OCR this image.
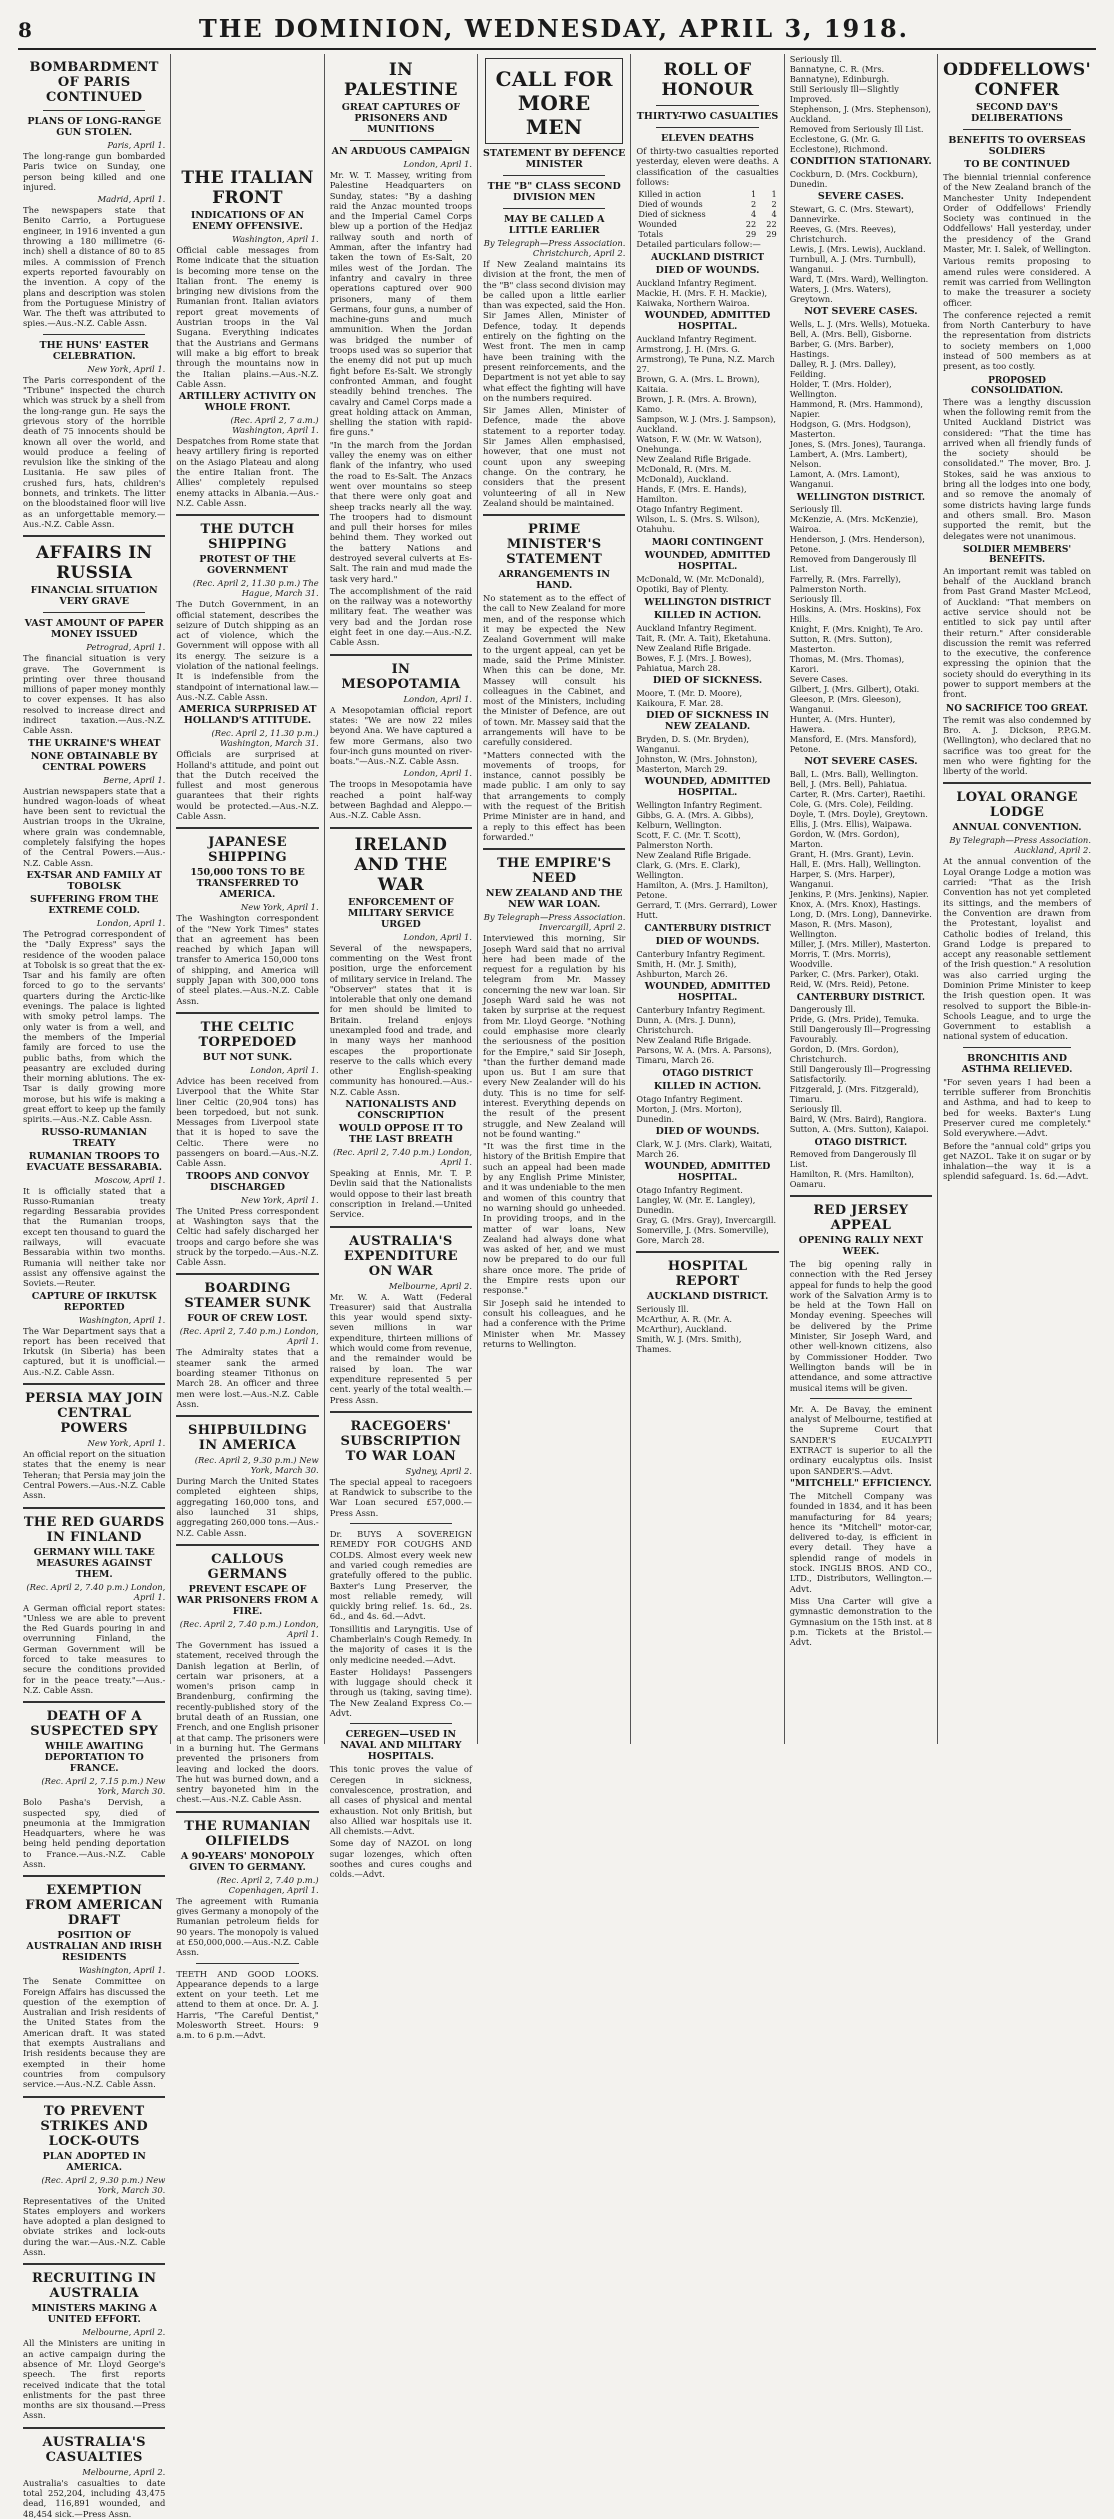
8	THE DOMINION, WEDNESDAY, APRIL 3, 1918.
BOMBARDMENT OF PARIS CONTINUED
PLANS OF LONG-RANGE GUN STOLEN.
Paris, April 1.

The long-range gun bombarded Paris twice on Sunday, one person being killed and one injured.

Madrid, April 1.

The newspapers state that Benito Carrio, a Portuguese engineer, in 1916 invented a gun throwing a 180 millimetre (6-inch) shell a distance of 80 to 85 miles. A commission of French experts reported favourably on the invention. A copy of the plans and description was stolen from the Portuguese Ministry of War. The theft was attributed to spies.—Aus.-N.Z. Cable Assn.

THE HUNS' EASTER CELEBRATION.
New York, April 1.

The Paris correspondent of the "Tribune" inspected the church which was struck by a shell from the long-range gun. He says the grievous story of the horrible death of 75 innocents should be known all over the world, and would produce a feeling of revulsion like the sinking of the Lusitania. He saw piles of crushed furs, hats, children's bonnets, and trinkets. The litter on the bloodstained floor will live as an unforgettable memory.—Aus.-N.Z. Cable Assn.

AFFAIRS IN RUSSIA
FINANCIAL SITUATION VERY GRAVE
VAST AMOUNT OF PAPER MONEY ISSUED
Petrograd, April 1.

The financial situation is very grave. The Government is printing over three thousand millions of paper money monthly to cover expenses. It has also resolved to increase direct and indirect taxation.—Aus.-N.Z. Cable Assn.

THE UKRAINE'S WHEAT
NONE OBTAINABLE BY CENTRAL POWERS
Berne, April 1.

Austrian newspapers state that a hundred wagon-loads of wheat have been sent to revictual the Austrian troops in the Ukraine, where grain was condemnable, completely falsifying the hopes of the Central Powers.—Aus.-N.Z. Cable Assn.

EX-TSAR AND FAMILY AT TOBOLSK
SUFFERING FROM THE EXTREME COLD.
London, April 1.

The Petrograd correspondent of the "Daily Express" says the residence of the wooden palace at Tobolsk is so great that the ex-Tsar and his family are often forced to go to the servants' quarters during the Arctic-like evenings. The palace is lighted with smoky petrol lamps. The only water is from a well, and the members of the Imperial family are forced to use the public baths, from which the peasantry are excluded during their morning ablutions. The ex-Tsar is daily growing more morose, but his wife is making a great effort to keep up the family spirits.—Aus.-N.Z. Cable Assn.

RUSSO-RUMANIAN TREATY
RUMANIAN TROOPS TO EVACUATE BESSARABIA.
Moscow, April 1.

It is officially stated that a Russo-Rumanian treaty regarding Bessarabia provides that the Rumanian troops, except ten thousand to guard the railways, will evacuate Bessarabia within two months. Rumania will neither take nor assist any offensive against the Soviets.—Reuter.

CAPTURE OF IRKUTSK REPORTED
Washington, April 1.

The War Department says that a report has been received that Irkutsk (in Siberia) has been captured, but it is unofficial.—Aus.-N.Z. Cable Assn.

PERSIA MAY JOIN CENTRAL POWERS
New York, April 1.

An official report on the situation states that the enemy is near Teheran; that Persia may join the Central Powers.—Aus.-N.Z. Cable Assn.

THE RED GUARDS IN FINLAND
GERMANY WILL TAKE MEASURES AGAINST THEM.
(Rec. April 2, 7.40 p.m.) London, April 1.

A German official report states: "Unless we are able to prevent the Red Guards pouring in and overrunning Finland, the German Government will be forced to take measures to secure the conditions provided for in the peace treaty."—Aus.-N.Z. Cable Assn.

DEATH OF A SUSPECTED SPY
WHILE AWAITING DEPORTATION TO FRANCE.
(Rec. April 2, 7.15 p.m.) New York, March 30.

Bolo Pasha's Dervish, a suspected spy, died of pneumonia at the Immigration Headquarters, where he was being held pending deportation to France.—Aus.-N.Z. Cable Assn.

EXEMPTION FROM AMERICAN DRAFT
POSITION OF AUSTRALIAN AND IRISH RESIDENTS
Washington, April 1.

The Senate Committee on Foreign Affairs has discussed the question of the exemption of Australian and Irish residents of the United States from the American draft. It was stated that exempts Australians and Irish residents because they are exempted in their home countries from compulsory service.—Aus.-N.Z. Cable Assn.

TO PREVENT STRIKES AND LOCK-OUTS
PLAN ADOPTED IN AMERICA.
(Rec. April 2, 9.30 p.m.) New York, March 30.

Representatives of the United States employers and workers have adopted a plan designed to obviate strikes and lock-outs during the war.—Aus.-N.Z. Cable Assn.

RECRUITING IN AUSTRALIA
MINISTERS MAKING A UNITED EFFORT.
Melbourne, April 2.

All the Ministers are uniting in an active campaign during the absence of Mr. Lloyd George's speech. The first reports received indicate that the total enlistments for the past three months are six thousand.—Press Assn.

AUSTRALIA'S CASUALTIES
Melbourne, April 2.

Australia's casualties to date total 252,204, including 43,475 dead, 116,891 wounded, and 48,454 sick.—Press Assn.

THE ITALIAN FRONT
INDICATIONS OF AN ENEMY OFFENSIVE.
Washington, April 1.

Official cable messages from Rome indicate that the situation is becoming more tense on the Italian front. The enemy is bringing new divisions from the Rumanian front. Italian aviators report great movements of Austrian troops in the Val Sugana. Everything indicates that the Austrians and Germans will make a big effort to break through the mountains now in the Italian plains.—Aus.-N.Z. Cable Assn.

ARTILLERY ACTIVITY ON WHOLE FRONT.
(Rec. April 2, 7 a.m.) Washington, April 1.

Despatches from Rome state that heavy artillery firing is reported on the Asiago Plateau and along the entire Italian front. The Allies' completely repulsed enemy attacks in Albania.—Aus.-N.Z. Cable Assn.

THE DUTCH SHIPPING
PROTEST OF THE GOVERNMENT
(Rec. April 2, 11.30 p.m.) The Hague, March 31.

The Dutch Government, in an official statement, describes the seizure of Dutch shipping as an act of violence, which the Government will oppose with all its energy. The seizure is a violation of the national feelings. It is indefensible from the standpoint of international law.—Aus.-N.Z. Cable Assn.

AMERICA SURPRISED AT HOLLAND'S ATTITUDE.
(Rec. April 2, 11.30 p.m.) Washington, March 31.

Officials are surprised at Holland's attitude, and point out that the Dutch received the fullest and most generous guarantees that their rights would be protected.—Aus.-N.Z. Cable Assn.

JAPANESE SHIPPING
150,000 TONS TO BE TRANSFERRED TO AMERICA.
New York, April 1.

The Washington correspondent of the "New York Times" states that an agreement has been reached by which Japan will transfer to America 150,000 tons of shipping, and America will supply Japan with 300,000 tons of steel plates.—Aus.-N.Z. Cable Assn.

THE CELTIC TORPEDOED
BUT NOT SUNK.
London, April 1.

Advice has been received from Liverpool that the White Star liner Celtic (20,904 tons) has been torpedoed, but not sunk. Messages from Liverpool state that it is hoped to save the Celtic. There were no passengers on board.—Aus.-N.Z. Cable Assn.

TROOPS AND CONVOY DISCHARGED
New York, April 1.

The United Press correspondent at Washington says that the Celtic had safely discharged her troops and cargo before she was struck by the torpedo.—Aus.-N.Z. Cable Assn.

BOARDING STEAMER SUNK
FOUR OF CREW LOST.
(Rec. April 2, 7.40 p.m.) London, April 1.

The Admiralty states that a steamer sank the armed boarding steamer Tithonus on March 28. An officer and three men were lost.—Aus.-N.Z. Cable Assn.

SHIPBUILDING IN AMERICA
(Rec. April 2, 9.30 p.m.) New York, March 30.

During March the United States completed eighteen ships, aggregating 160,000 tons, and also launched 31 ships, aggregating 260,000 tons.—Aus.-N.Z. Cable Assn.

CALLOUS GERMANS
PREVENT ESCAPE OF WAR PRISONERS FROM A FIRE.
(Rec. April 2, 7.40 p.m.) London, April 1.

The Government has issued a statement, received through the Danish legation at Berlin, of certain war prisoners, at a women's prison camp in Brandenburg, confirming the recently-published story of the brutal death of an Russian, one French, and one English prisoner at that camp. The prisoners were in a burning hut. The Germans prevented the prisoners from leaving and locked the doors. The hut was burned down, and a sentry bayoneted him in the chest.—Aus.-N.Z. Cable Assn.

THE RUMANIAN OILFIELDS
A 90-YEARS' MONOPOLY GIVEN TO GERMANY.
(Rec. April 2, 7.40 p.m.) Copenhagen, April 1.

The agreement with Rumania gives Germany a monopoly of the Rumanian petroleum fields for 90 years. The monopoly is valued at £50,000,000.—Aus.-N.Z. Cable Assn.

TEETH AND GOOD LOOKS. Appearance depends to a large extent on your teeth. Let me attend to them at once. Dr. A. J. Harris, "The Careful Dentist," Molesworth Street. Hours: 9 a.m. to 6 p.m.—Advt.

IN PALESTINE
GREAT CAPTURES OF PRISONERS AND MUNITIONS
AN ARDUOUS CAMPAIGN
London, April 1.

Mr. W. T. Massey, writing from Palestine Headquarters on Sunday, states: "By a dashing raid the Anzac mounted troops and the Imperial Camel Corps blew up a portion of the Hedjaz railway south and north of Amman, after the infantry had taken the town of Es-Salt, 20 miles west of the Jordan. The infantry and cavalry in three operations captured over 900 prisoners, many of them Germans, four guns, a number of machine-guns and much ammunition. When the Jordan was bridged the number of troops used was so superior that the enemy did not put up much fight before Es-Salt. We strongly confronted Amman, and fought steadily behind trenches. The cavalry and Camel Corps made a great holding attack on Amman, shelling the station with rapid-fire guns."

"In the march from the Jordan valley the enemy was on either flank of the infantry, who used the road to Es-Salt. The Anzacs went over mountains so steep that there were only goat and sheep tracks nearly all the way. The troopers had to dismount and pull their horses for miles behind them. They worked out the battery Nations and destroyed several culverts at Es-Salt. The rain and mud made the task very hard."

The accomplishment of the raid on the railway was a noteworthy military feat. The weather was very bad and the Jordan rose eight feet in one day.—Aus.-N.Z. Cable Assn.

IN MESOPOTAMIA
London, April 1.

A Mesopotamian official report states: "We are now 22 miles beyond Ana. We have captured a few more Germans, also two four-inch guns mounted on river-boats."—Aus.-N.Z. Cable Assn.

London, April 1.

The troops in Mesopotamia have reached a point half-way between Baghdad and Aleppo.—Aus.-N.Z. Cable Assn.

IRELAND AND THE WAR
ENFORCEMENT OF MILITARY SERVICE URGED
London, April 1.

Several of the newspapers, commenting on the West front position, urge the enforcement of military service in Ireland. The "Observer" states that it is intolerable that only one demand for men should be limited to Britain. Ireland enjoys unexampled food and trade, and in many ways her manhood escapes the proportionate reserve to the calls which every other English-speaking community has honoured.—Aus.-N.Z. Cable Assn.

NATIONALISTS AND CONSCRIPTION
WOULD OPPOSE IT TO THE LAST BREATH
(Rec. April 2, 7.40 p.m.) London, April 1.

Speaking at Ennis, Mr. T. P. Devlin said that the Nationalists would oppose to their last breath conscription in Ireland.—United Service.

AUSTRALIA'S EXPENDITURE ON WAR
Melbourne, April 2.

Mr. W. A. Watt (Federal Treasurer) said that Australia this year would spend sixty-seven millions in war expenditure, thirteen millions of which would come from revenue, and the remainder would be raised by loan. The war expenditure represented 5 per cent. yearly of the total wealth.—Press Assn.

RACEGOERS' SUBSCRIPTION TO WAR LOAN
Sydney, April 2.

The special appeal to racegoers at Randwick to subscribe to the War Loan secured £57,000.—Press Assn.

Dr. BUYS A SOVEREIGN REMEDY FOR COUGHS AND COLDS. Almost every week new and varied cough remedies are gratefully offered to the public. Baxter's Lung Preserver, the most reliable remedy, will quickly bring relief. 1s. 6d., 2s. 6d., and 4s. 6d.—Advt.

Tonsillitis and Laryngitis. Use of Chamberlain's Cough Remedy. In the majority of cases it is the only medicine needed.—Advt.

Easter Holidays! Passengers with luggage should check it through us (taking, saving time). The New Zealand Express Co.—Advt.

CEREGEN—USED IN NAVAL AND MILITARY HOSPITALS.

This tonic proves the value of Ceregen in sickness, convalescence, prostration, and all cases of physical and mental exhaustion. Not only British, but also Allied war hospitals use it. All chemists.—Advt.

Some day of NAZOL on long sugar lozenges, which often soothes and cures coughs and colds.—Advt.

CALL FOR MORE MEN
STATEMENT BY DEFENCE MINISTER
THE "B" CLASS SECOND DIVISION MEN
MAY BE CALLED A LITTLE EARLIER
By Telegraph—Press Association. Christchurch, April 2.

If New Zealand maintains its division at the front, the men of the "B" class second division may be called upon a little earlier than was expected, said the Hon. Sir James Allen, Minister of Defence, today. It depends entirely on the fighting on the West front. The men in camp have been training with the present reinforcements, and the Department is not yet able to say what effect the fighting will have on the numbers required.

Sir James Allen, Minister of Defence, made the above statement to a reporter today. Sir James Allen emphasised, however, that one must not count upon any sweeping change. On the contrary, he considers that the present volunteering of all in New Zealand should be maintained.

PRIME MINISTER'S STATEMENT
ARRANGEMENTS IN HAND.

No statement as to the effect of the call to New Zealand for more men, and of the response which it may be expected the New Zealand Government will make to the urgent appeal, can yet be made, said the Prime Minister. When this can be done, Mr. Massey will consult his colleagues in the Cabinet, and most of the Ministers, including the Minister of Defence, are out of town. Mr. Massey said that the arrangements will have to be carefully considered.

"Matters connected with the movements of troops, for instance, cannot possibly be made public. I am only to say that arrangements to comply with the request of the British Prime Minister are in hand, and a reply to this effect has been forwarded."

THE EMPIRE'S NEED
NEW ZEALAND AND THE NEW WAR LOAN.
By Telegraph—Press Association. Invercargill, April 2.

Interviewed this morning, Sir Joseph Ward said that no arrival here had been made of the request for a regulation by his telegram from Mr. Massey concerning the new war loan. Sir Joseph Ward said he was not taken by surprise at the request from Mr. Lloyd George. "Nothing could emphasise more clearly the seriousness of the position for the Empire," said Sir Joseph, "than the further demand made upon us. But I am sure that every New Zealander will do his duty. This is no time for self-interest. Everything depends on the result of the present struggle, and New Zealand will not be found wanting."

"It was the first time in the history of the British Empire that such an appeal had been made by any English Prime Minister, and it was undeniable to the men and women of this country that no warning should go unheeded. In providing troops, and in the matter of war loans, New Zealand had always done what was asked of her, and we must now be prepared to do our full share once more. The pride of the Empire rests upon our response."

Sir Joseph said he intended to consult his colleagues, and he had a conference with the Prime Minister when Mr. Massey returns to Wellington.

ROLL OF HONOUR
THIRTY-TWO CASUALTIES
ELEVEN DEATHS

Of thirty-two casualties reported yesterday, eleven were deaths. A classification of the casualties follows:

Killed in action	1	1
Died of wounds	2	2
Died of sickness	4	4
Wounded	22	22
Totals	29	29

Detailed particulars follow:—

AUCKLAND DISTRICT
DIED OF WOUNDS.
Auckland Infantry Regiment.
Mackie, H. (Mrs. F. H. Mackie), Kaiwaka, Northern Wairoa.
WOUNDED, ADMITTED HOSPITAL.
Auckland Infantry Regiment.
Armstrong, J. H. (Mrs. G. Armstrong), Te Puna, N.Z. March 27.
Brown, G. A. (Mrs. L. Brown), Kaitaia.
Brown, J. R. (Mrs. A. Brown), Kamo.
Sampson, W. J. (Mrs. J. Sampson), Auckland.
Watson, F. W. (Mr. W. Watson), Onehunga.
New Zealand Rifle Brigade.
McDonald, R. (Mrs. M. McDonald), Auckland.
Hands, F. (Mrs. E. Hands), Hamilton.
Otago Infantry Regiment.
Wilson, L. S. (Mrs. S. Wilson), Otahuhu.
MAORI CONTINGENT
WOUNDED, ADMITTED HOSPITAL.
McDonald, W. (Mr. McDonald), Opotiki, Bay of Plenty.
WELLINGTON DISTRICT
KILLED IN ACTION.
Auckland Infantry Regiment.
Tait, R. (Mr. A. Tait), Eketahuna.
New Zealand Rifle Brigade.
Bowes, F. J. (Mrs. J. Bowes), Pahiatua, March 28.
DIED OF SICKNESS.
Moore, T. (Mr. D. Moore), Kaikoura, F. Mar. 28.
DIED OF SICKNESS IN NEW ZEALAND.
Bryden, D. S. (Mr. Bryden), Wanganui.
Johnston, W. (Mrs. Johnston), Masterton, March 29.
WOUNDED, ADMITTED HOSPITAL.
Wellington Infantry Regiment.
Gibbs, G. A. (Mrs. A. Gibbs), Kelburn, Wellington.
Scott, F. C. (Mr. T. Scott), Palmerston North.
New Zealand Rifle Brigade.
Clark, G. (Mrs. E. Clark), Wellington.
Hamilton, A. (Mrs. J. Hamilton), Petone.
Gerrard, T. (Mrs. Gerrard), Lower Hutt.
CANTERBURY DISTRICT
DIED OF WOUNDS.
Canterbury Infantry Regiment.
Smith, H. (Mr. J. Smith), Ashburton, March 26.
WOUNDED, ADMITTED HOSPITAL.
Canterbury Infantry Regiment.
Dunn, A. (Mrs. J. Dunn), Christchurch.
New Zealand Rifle Brigade.
Parsons, W. A. (Mrs. A. Parsons), Timaru, March 26.
OTAGO DISTRICT
KILLED IN ACTION.
Otago Infantry Regiment.
Morton, J. (Mrs. Morton), Dunedin.
DIED OF WOUNDS.
Clark, W. J. (Mrs. Clark), Waitati, March 26.
WOUNDED, ADMITTED HOSPITAL.
Otago Infantry Regiment.
Langley, W. (Mr. E. Langley), Dunedin.
Gray, G. (Mrs. Gray), Invercargill.
Somerville, J. (Mrs. Somerville), Gore, March 28.
HOSPITAL REPORT
AUCKLAND DISTRICT.
Seriously Ill.
McArthur, A. R. (Mr. A. McArthur), Auckland.
Smith, W. J. (Mrs. Smith), Thames.
Seriously Ill.
Bannatyne, C. R. (Mrs. Bannatyne), Edinburgh.
Still Seriously Ill—Slightly Improved.
Stephenson, J. (Mrs. Stephenson), Auckland.
Removed from Seriously Ill List.
Ecclestone, G. (Mr. G. Ecclestone), Richmond.
CONDITION STATIONARY.
Cockburn, D. (Mrs. Cockburn), Dunedin.
SEVERE CASES.
Stewart, G. C. (Mrs. Stewart), Dannevirke.
Reeves, G. (Mrs. Reeves), Christchurch.
Lewis, J. (Mrs. Lewis), Auckland.
Turnbull, A. J. (Mrs. Turnbull), Wanganui.
Ward, T. (Mrs. Ward), Wellington.
Waters, J. (Mrs. Waters), Greytown.
NOT SEVERE CASES.
Wells, L. J. (Mrs. Wells), Motueka.
Bell, A. (Mrs. Bell), Gisborne.
Barber, G. (Mrs. Barber), Hastings.
Dalley, R. J. (Mrs. Dalley), Feilding.
Holder, T. (Mrs. Holder), Wellington.
Hammond, R. (Mrs. Hammond), Napier.
Hodgson, G. (Mrs. Hodgson), Masterton.
Jones, S. (Mrs. Jones), Tauranga.
Lambert, A. (Mrs. Lambert), Nelson.
Lamont, A. (Mrs. Lamont), Wanganui.
WELLINGTON DISTRICT.
Seriously Ill.
McKenzie, A. (Mrs. McKenzie), Wairoa.
Henderson, J. (Mrs. Henderson), Petone.
Removed from Dangerously Ill List.
Farrelly, R. (Mrs. Farrelly), Palmerston North.
Seriously Ill.
Hoskins, A. (Mrs. Hoskins), Fox Hills.
Knight, F. (Mrs. Knight), Te Aro.
Sutton, R. (Mrs. Sutton), Masterton.
Thomas, M. (Mrs. Thomas), Karori.
Severe Cases.
Gilbert, J. (Mrs. Gilbert), Otaki.
Gleeson, P. (Mrs. Gleeson), Wanganui.
Hunter, A. (Mrs. Hunter), Hawera.
Mansford, E. (Mrs. Mansford), Petone.
NOT SEVERE CASES.
Ball, L. (Mrs. Ball), Wellington.
Bell, J. (Mrs. Bell), Pahiatua.
Carter, R. (Mrs. Carter), Raetihi.
Cole, G. (Mrs. Cole), Feilding.
Doyle, T. (Mrs. Doyle), Greytown.
Ellis, J. (Mrs. Ellis), Waipawa.
Gordon, W. (Mrs. Gordon), Marton.
Grant, H. (Mrs. Grant), Levin.
Hall, E. (Mrs. Hall), Wellington.
Harper, S. (Mrs. Harper), Wanganui.
Jenkins, P. (Mrs. Jenkins), Napier.
Knox, A. (Mrs. Knox), Hastings.
Long, D. (Mrs. Long), Dannevirke.
Mason, R. (Mrs. Mason), Wellington.
Miller, J. (Mrs. Miller), Masterton.
Morris, T. (Mrs. Morris), Woodville.
Parker, C. (Mrs. Parker), Otaki.
Reid, W. (Mrs. Reid), Petone.
CANTERBURY DISTRICT.
Dangerously Ill.
Pride, G. (Mrs. Pride), Temuka.
Still Dangerously Ill—Progressing Favourably.
Gordon, D. (Mrs. Gordon), Christchurch.
Still Dangerously Ill—Progressing Satisfactorily.
Fitzgerald, J. (Mrs. Fitzgerald), Timaru.
Seriously Ill.
Baird, W. (Mrs. Baird), Rangiora.
Sutton, A. (Mrs. Sutton), Kaiapoi.
OTAGO DISTRICT.
Removed from Dangerously Ill List.
Hamilton, R. (Mrs. Hamilton), Oamaru.
RED JERSEY APPEAL
OPENING RALLY NEXT WEEK.

The big opening rally in connection with the Red Jersey appeal for funds to help the good work of the Salvation Army is to be held at the Town Hall on Monday evening. Speeches will be delivered by the Prime Minister, Sir Joseph Ward, and other well-known citizens, also by Commissioner Hodder. Two Wellington bands will be in attendance, and some attractive musical items will be given.

Mr. A. De Bavay, the eminent analyst of Melbourne, testified at the Supreme Court that SANDER'S EUCALYPTI EXTRACT is superior to all the ordinary eucalyptus oils. Insist upon SANDER'S.—Advt.

"MITCHELL" EFFICIENCY.

The Mitchell Company was founded in 1834, and it has been manufacturing for 84 years; hence its "Mitchell" motor-car, delivered to-day, is efficient in every detail. They have a splendid range of models in stock. INGLIS BROS. AND CO., LTD., Distributors, Wellington.—Advt.

Miss Una Carter will give a gymnastic demonstration to the Gymnasium on the 15th inst. at 8 p.m. Tickets at the Bristol.—Advt.

ODDFELLOWS' CONFER
SECOND DAY'S DELIBERATIONS
BENEFITS TO OVERSEAS SOLDIERS
TO BE CONTINUED

The biennial triennial conference of the New Zealand branch of the Manchester Unity Independent Order of Oddfellows' Friendly Society was continued in the Oddfellows' Hall yesterday, under the presidency of the Grand Master, Mr. I. Salek, of Wellington.

Various remits proposing to amend rules were considered. A remit was carried from Wellington to make the treasurer a society officer.

The conference rejected a remit from North Canterbury to have the representation from districts to society members on 1,000 instead of 500 members as at present, as too costly.

PROPOSED CONSOLIDATION.

There was a lengthy discussion when the following remit from the United Auckland District was considered: "That the time has arrived when all friendly funds of the society should be consolidated." The mover, Bro. J. Stokes, said he was anxious to bring all the lodges into one body, and so remove the anomaly of some districts having large funds and others small. Bro. Mason supported the remit, but the delegates were not unanimous.

SOLDIER MEMBERS' BENEFITS.

An important remit was tabled on behalf of the Auckland branch from Past Grand Master McLeod, of Auckland: "That members on active service should not be entitled to sick pay until after their return." After considerable discussion the remit was referred to the executive, the conference expressing the opinion that the society should do everything in its power to support members at the front.

NO SACRIFICE TOO GREAT.

The remit was also condemned by Bro. A. J. Dickson, P.P.G.M. (Wellington), who declared that no sacrifice was too great for the men who were fighting for the liberty of the world.

LOYAL ORANGE LODGE
ANNUAL CONVENTION.
By Telegraph—Press Association. Auckland, April 2.

At the annual convention of the Loyal Orange Lodge a motion was carried: "That as the Irish Convention has not yet completed its sittings, and the members of the Convention are drawn from the Protestant, loyalist and Catholic bodies of Ireland, this Grand Lodge is prepared to accept any reasonable settlement of the Irish question." A resolution was also carried urging the Dominion Prime Minister to keep the Irish question open. It was resolved to support the Bible-in-Schools League, and to urge the Government to establish a national system of education.

BRONCHITIS AND ASTHMA RELIEVED.

"For seven years I had been a terrible sufferer from Bronchitis and Asthma, and had to keep to bed for weeks. Baxter's Lung Preserver cured me completely." Sold everywhere.—Advt.

Before the "annual cold" grips you get NAZOL. Take it on sugar or by inhalation—the way it is a splendid safeguard. 1s. 6d.—Advt.
